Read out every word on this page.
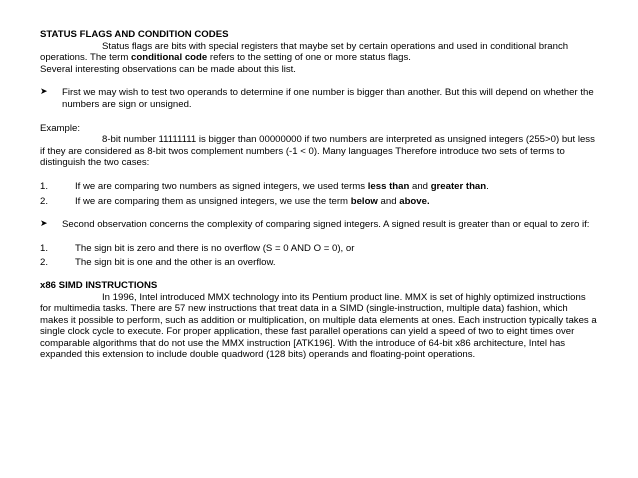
STATUS FLAGS AND CONDITION CODES

Status flags are bits with special registers that maybe set by certain operations and used in conditional branch operations. The term conditional code refers to the setting of one or more status flags.

Several interesting observations can be made about this list.

➤	First we may wish to test two operands to determine if one number is bigger than another. But this will depend on whether the numbers are sign or unsigned.

Example:

8-bit number 11111111 is bigger than 00000000 if two numbers are interpreted as unsigned integers (255>0) but less if they are considered as 8-bit twos complement numbers (-1 < 0). Many languages Therefore introduce two sets of terms to distinguish the two cases:

1.	If we are comparing two numbers as signed integers, we used terms less than and greater than.
2.	If we are comparing them as unsigned integers, we use the term below and above.
➤	Second observation concerns the complexity of comparing signed integers. A signed result is greater than or equal to zero if:
1.	The sign bit is zero and there is no overflow (S = 0 AND O = 0), or
2.	The sign bit is one and the other is an overflow.

x86 SIMD INSTRUCTIONS

In 1996, Intel introduced MMX technology into its Pentium product line. MMX is set of highly optimized instructions for multimedia tasks. There are 57 new instructions that treat data in a SIMD (single-instruction, multiple data) fashion, which makes it possible to perform, such as addition or multiplication, on multiple data elements at ones. Each instruction typically takes a single clock cycle to execute. For proper application, these fast parallel operations can yield a speed of two to eight times over comparable algorithms that do not use the MMX instruction [ATK196]. With the introduce of 64-bit x86 architecture, Intel has expanded this extension to include double quadword (128 bits) operands and floating-point operations.
